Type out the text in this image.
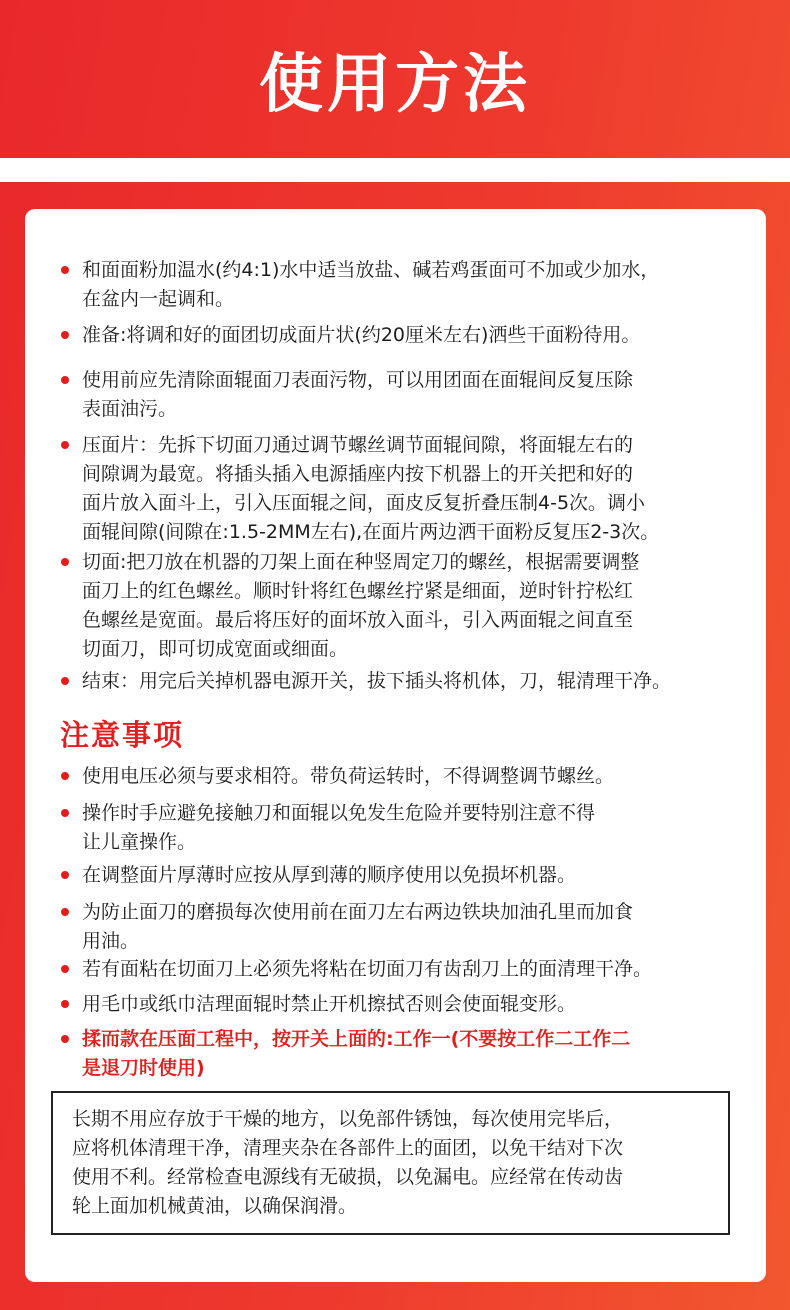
使用方法
和面面粉加温水(约4:1)水中适当放盐、碱若鸡蛋面可不加或少加水，
在盆内一起调和。
准备:将调和好的面团切成面片状(约20厘米左右)洒些干面粉待用。
使用前应先清除面辊面刀表面污物，可以用团面在面辊间反复压除
表面油污。
压面片：先拆下切面刀通过调节螺丝调节面辊间隙，将面辊左右的
间隙调为最宽。将插头插入电源插座内按下机器上的开关把和好的
面片放入面斗上，引入压面辊之间，面皮反复折叠压制4-5次。调小
面辊间隙(间隙在:1.5-2MM左右),在面片两边洒干面粉反复压2-3次。
切面:把刀放在机器的刀架上面在种竖周定刀的螺丝，根据需要调整
面刀上的红色螺丝。顺时针将红色螺丝拧紧是细面，逆时针拧松红
色螺丝是宽面。最后将压好的面坏放入面斗，引入两面辊之间直至
切面刀，即可切成宽面或细面。
结束：用完后关掉机器电源开关，拔下插头将机体，刀，辊清理干净。
注意事项
使用电压必须与要求相符。带负荷运转时，不得调整调节螺丝。
操作时手应避免接触刀和面辊以免发生危险并要特别注意不得
让儿童操作。
在调整面片厚薄时应按从厚到薄的顺序使用以免损坏机器。
为防止面刀的磨损每次使用前在面刀左右两边铁块加油孔里而加食
用油。
若有面粘在切面刀上必须先将粘在切面刀有齿刮刀上的面清理干净。
用毛巾或纸巾洁理面辊时禁止开机擦拭否则会使面辊变形。
揉而款在压面工程中，按开关上面的:工作一(不要按工作二工作二
是退刀时使用)
长期不用应存放于干燥的地方，以免部件锈蚀，每次使用完毕后，
应将机体清理干净，清理夹杂在各部件上的面团，以免干结对下次
使用不利。经常检查电源线有无破损，以免漏电。应经常在传动齿
轮上面加机械黄油，以确保润滑。
